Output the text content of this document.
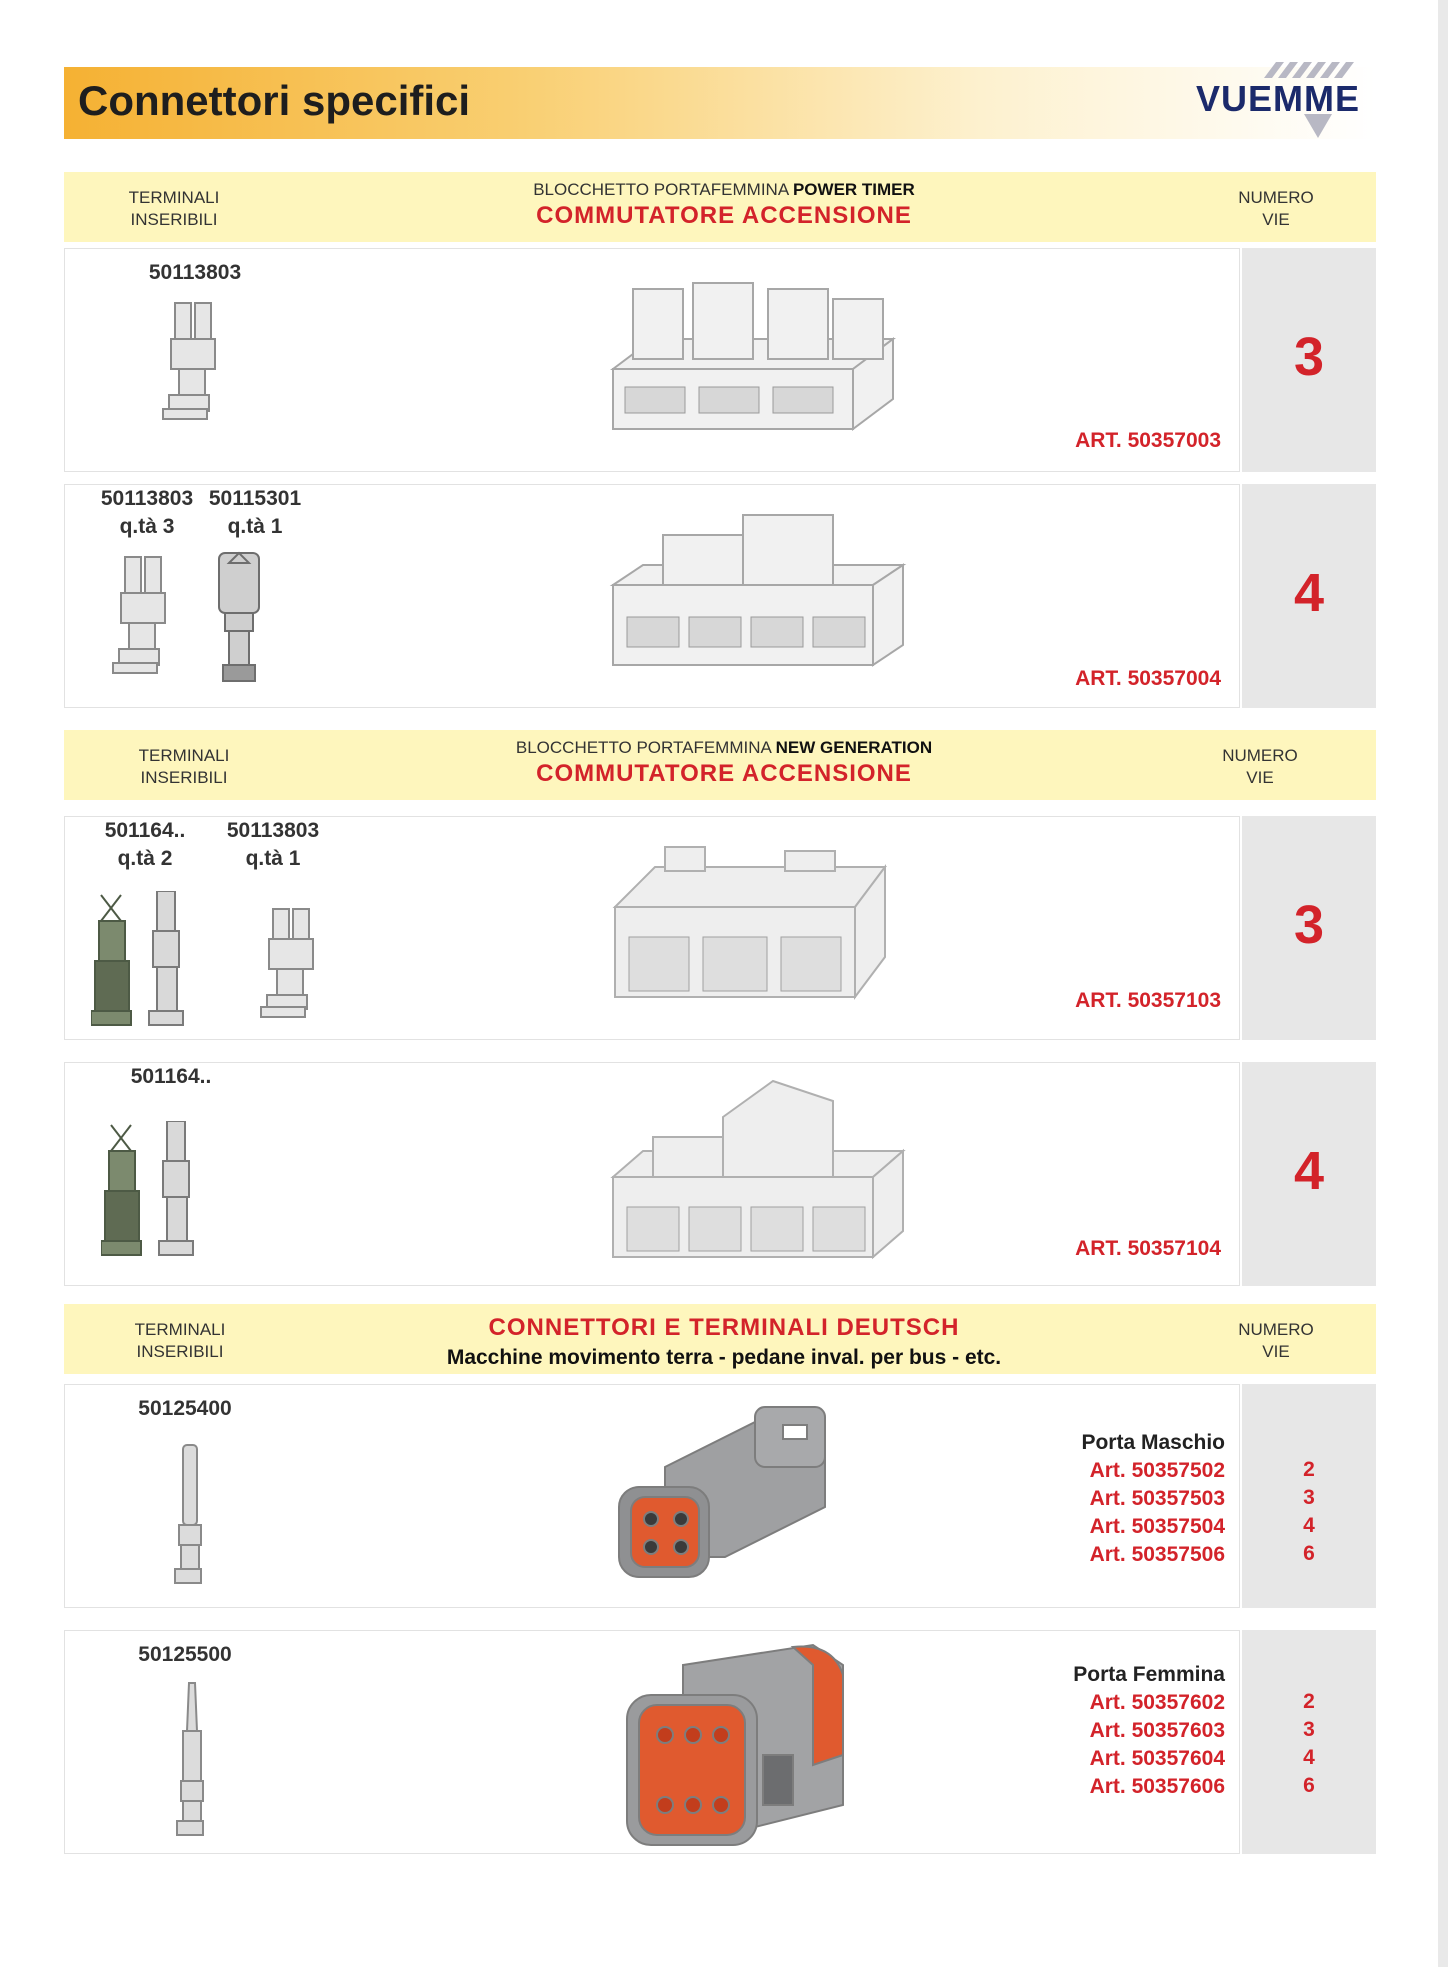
Connettori specifici	VUEMME
TERMINALI
INSERIBILI
BLOCCHETTO PORTAFEMMINA POWER TIMER
COMMUTATORE ACCENSIONE
NUMERO
VIE
50113803
ART. 50357003
3
50113803
q.tà 3
50115301
q.tà 1
ART. 50357004
4
TERMINALI
INSERIBILI
BLOCCHETTO PORTAFEMMINA NEW GENERATION
COMMUTATORE ACCENSIONE
NUMERO
VIE
501164..
q.tà 2
50113803
q.tà 1
ART. 50357103
3
501164..
ART. 50357104
4
TERMINALI
INSERIBILI
CONNETTORI E TERMINALI DEUTSCH
Macchine movimento terra - pedane inval. per bus - etc.
NUMERO
VIE
50125400
Porta Maschio
Art. 50357502
Art. 50357503
Art. 50357504
Art. 50357506
2
3
4
6
50125500
Porta Femmina
Art. 50357602
Art. 50357603
Art. 50357604
Art. 50357606
2
3
4
6
